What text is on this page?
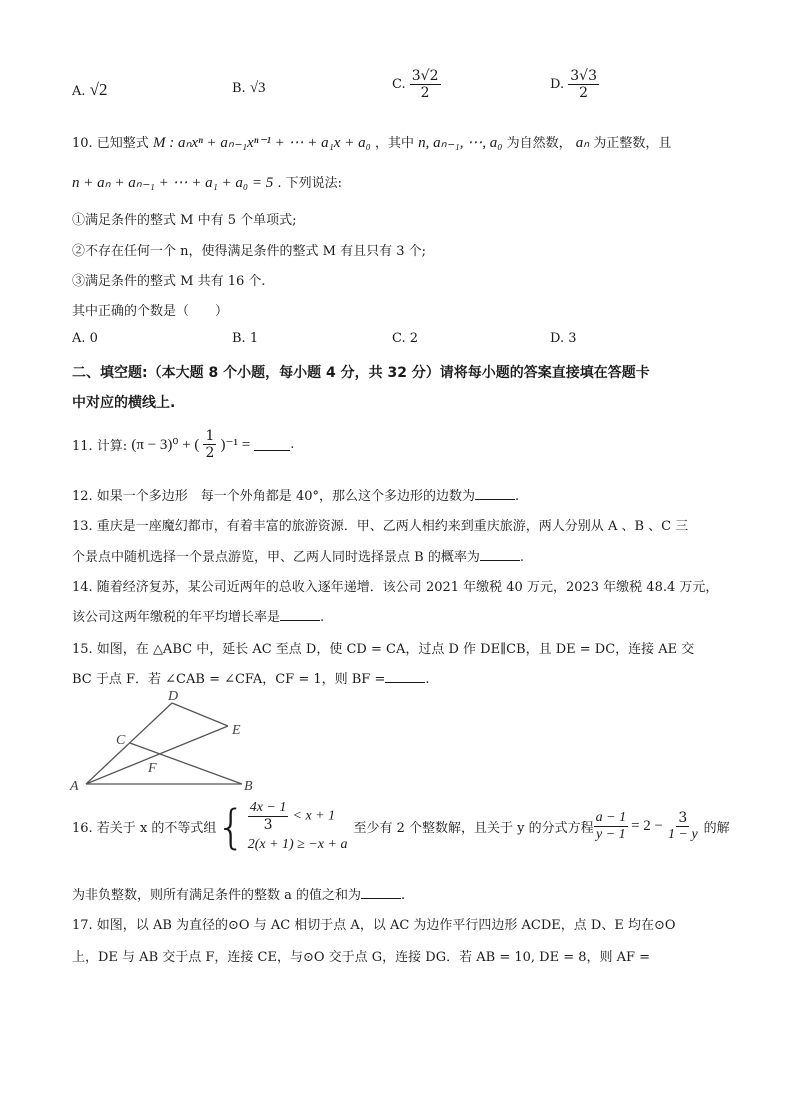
A. √2	B. √3	C. $\frac{3√2}{2}$	D. $\frac{3√3}{2}$
10. 已知整式 M : aₙxⁿ + aₙ₋₁xⁿ⁻¹ + ⋯ + a₁x + a₀ ，其中 n, aₙ₋₁, ⋯, a₀ 为自然数， aₙ 为正整数，且
n + aₙ + aₙ₋₁ + ⋯ + a₁ + a₀ = 5 . 下列说法:
①满足条件的整式 M 中有 5 个单项式;
②不存在任何一个 n，使得满足条件的整式 M 有且只有 3 个;
③满足条件的整式 M 共有 16 个.
其中正确的个数是（　　）
A. 0	B. 1	C. 2	D. 3
二、填空题:（本大题 8 个小题，每小题 4 分，共 32 分）请将每小题的答案直接填在答题卡
中对应的横线上.
11. 计算: (π − 3)⁰ + ( $\frac{1}{2} )^{-1}$ =	.
12. 如果一个多边形　每一个外角都是 40°，那么这个多边形的边数为	.
13. 重庆是一座魔幻都市，有着丰富的旅游资源．甲、乙两人相约来到重庆旅游，两人分别从 A 、B 、C 三
个景点中随机选择一个景点游览，甲、乙两人同时选择景点 B 的概率为	.
14. 随着经济复苏，某公司近两年的总收入逐年递增．该公司 2021 年缴税 40 万元，2023 年缴税 48.4 万元，
该公司这两年缴税的年平均增长率是	.
15. 如图，在 △ABC 中，延长 AC 至点 D，使 CD = CA，过点 D 作 DE∥CB，且 DE = DC，连接 AE 交
BC 于点 F．若 ∠CAB = ∠CFA，CF = 1，则 BF =	.
A	B
C
D
E
F
16. 若关于 x 的不等式组 { $\frac{4x - 1}{3} < x + 1$
2(x + 1) ≥ −x + a
至少有 2 个整数解，且关于 y 的分式方程 $\frac{a - 1}{y - 1} = 2 - \frac{3}{1 - y}$ 的解
为非负整数，则所有满足条件的整数 a 的值之和为	.
17. 如图，以 AB 为直径的⊙O 与 AC 相切于点 A，以 AC 为边作平行四边形 ACDE，点 D、E 均在⊙O
上，DE 与 AB 交于点 F，连接 CE，与⊙O 交于点 G，连接 DG．若 AB = 10, DE = 8，则 AF =
